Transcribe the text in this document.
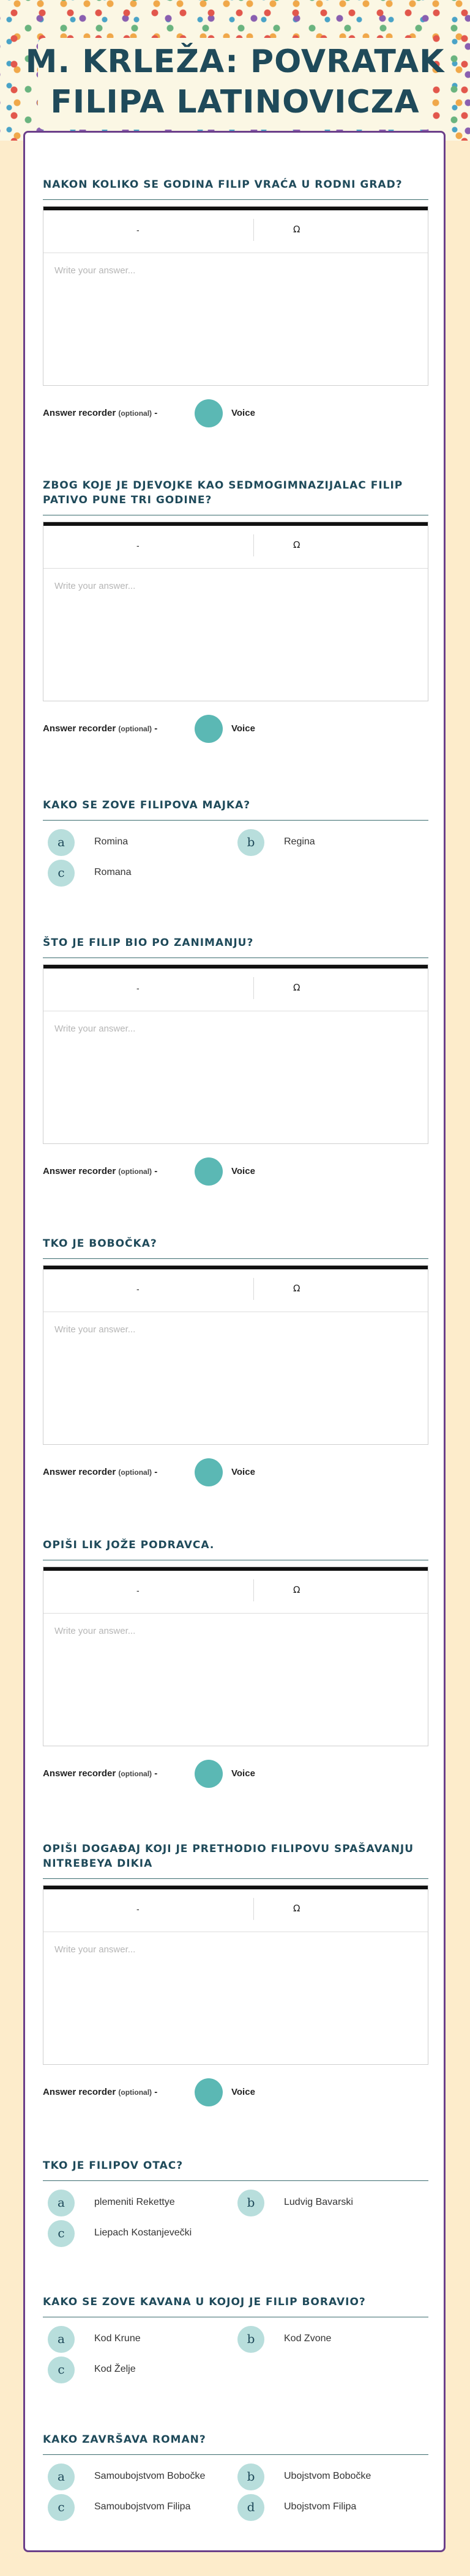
M. KRLEŽA: POVRATAK FILIPA LATINOVICZA
NAKON KOLIKO SE GODINA FILIP VRAĆA U RODNI GRAD?
-	Ω
Write your answer...
Answer recorder (optional) -	Voice
ZBOG KOJE JE DJEVOJKE KAO SEDMOGIMNAZIJALAC FILIP PATIVO PUNE TRI GODINE?
-	Ω
Write your answer...
Answer recorder (optional) -	Voice
KAKO SE ZOVE FILIPOVA MAJKA?
a	Romina	b	Regina
c	Romana
ŠTO JE FILIP BIO PO ZANIMANJU?
-	Ω
Write your answer...
Answer recorder (optional) -	Voice
TKO JE BOBOČKA?
-	Ω
Write your answer...
Answer recorder (optional) -	Voice
OPIŠI LIK JOŽE PODRAVCA.
-	Ω
Write your answer...
Answer recorder (optional) -	Voice
OPIŠI DOGAĐAJ KOJI JE PRETHODIO FILIPOVU SPAŠAVANJU NITREBEYA DIKIA
-	Ω
Write your answer...
Answer recorder (optional) -	Voice
TKO JE FILIPOV OTAC?
a	plemeniti Rekettye	b	Ludvig Bavarski
c	Liepach Kostanjevečki
KAKO SE ZOVE KAVANA U KOJOJ JE FILIP BORAVIO?
a	Kod Krune	b	Kod Zvone
c	Kod Želje
KAKO ZAVRŠAVA ROMAN?
a	Samoubojstvom Bobočke	b	Ubojstvom Bobočke
c	Samoubojstvom Filipa	d	Ubojstvom Filipa
